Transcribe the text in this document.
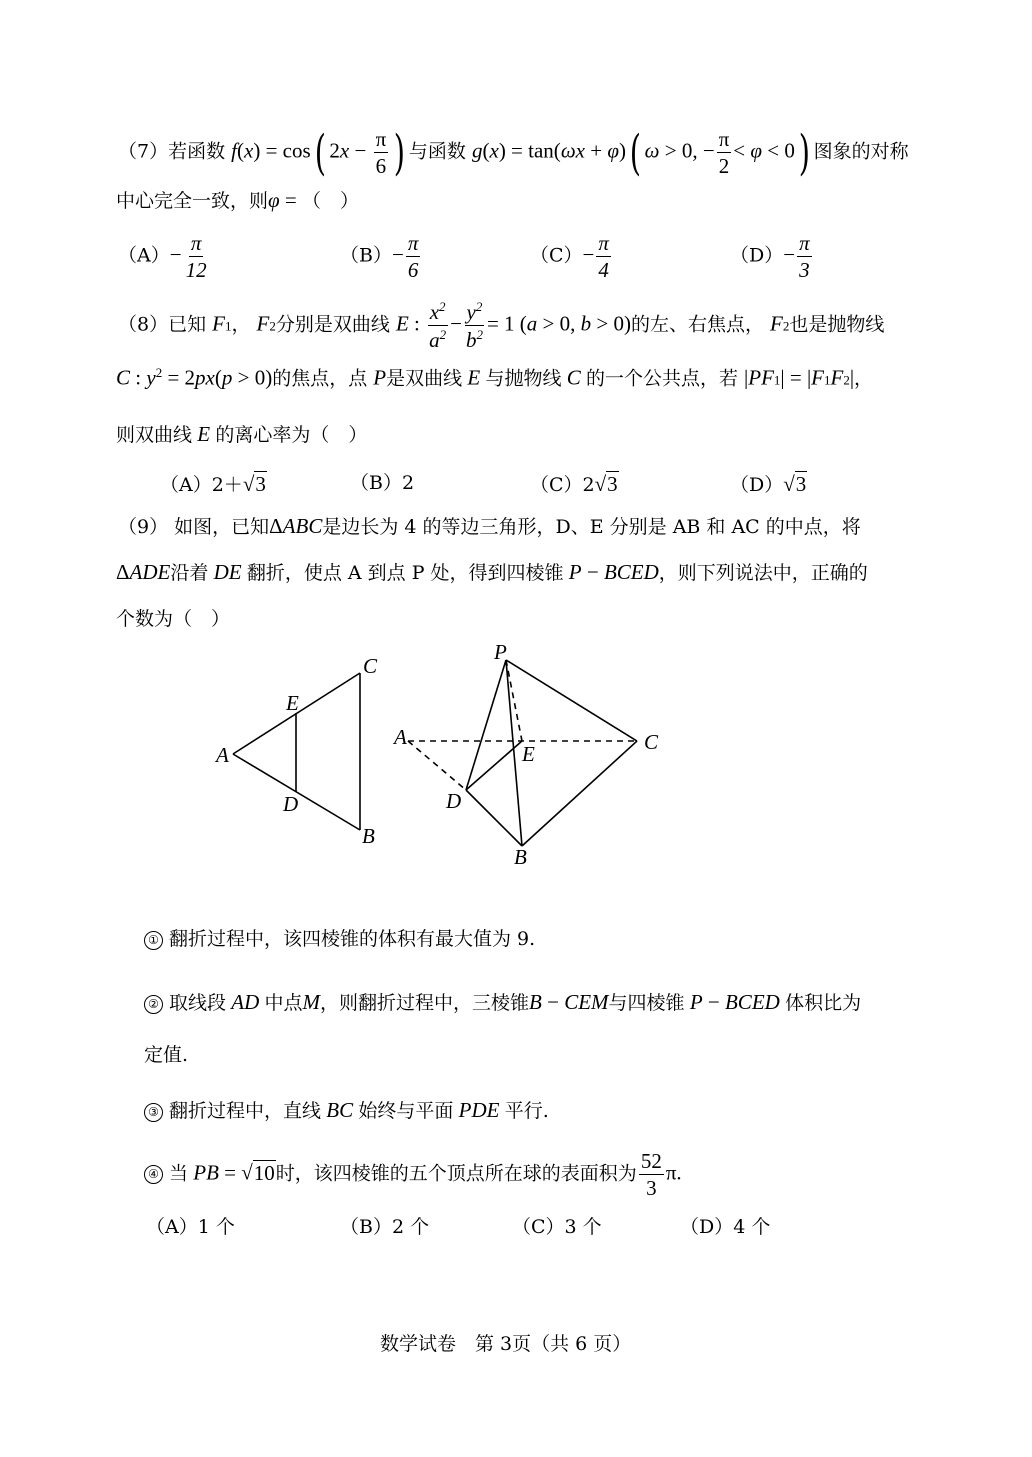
（7）若函数 f(x) = cos( $2x - \frac{\pi}{6}$ ) 与函数 g(x) = tan(ωx + φ)( ω > 0, − $\frac{\pi}{2} < \varphi < 0$) 图象的对称
中心完全一致，则φ = （　）
$(A)- \frac{\pi}{12}$	$(B)- \frac{\pi}{6}$	$(C)- \frac{\pi}{4}$	$(D)- \frac{\pi}{3}$
（8）已知 F1， F2分别是双曲线 E : $\frac{x^2}{a^2} - \frac{y^2}{b^2} = 1$ (a > 0, b > 0)的左、右焦点， F2也是抛物线
C : $y^2 = 2px(p > 0)$的焦点，点 P是双曲线 E 与抛物线 C 的一个公共点，若 |PF1| = |F1F2|，
则双曲线 E 的离心率为（　）
（A）2＋√3	（B）2	（C）2√3	（D）√3
（9） 如图，已知ΔABC是边长为 4 的等边三角形，D、E 分别是 AB 和 AC 的中点，将
ΔADE沿着 DE 翻折，使点 A 到点 P 处，得到四棱锥 P − BCED，则下列说法中，正确的
个数为（　）
C
E
A
D
B
P
A
E	C
D
B
① 翻折过程中，该四棱锥的体积有最大值为 9.
② 取线段 AD 中点M，则翻折过程中，三棱锥B − CEM与四棱锥 P − BCED 体积比为
定值.
③ 翻折过程中，直线 BC 始终与平面 PDE 平行.
④ 当 PB = √10时，该四棱锥的五个顶点所在球的表面积为 $\frac{52}{3} \pi$.
（A）1 个	（B）2 个	（C）3 个	（D）4 个
数学试卷　第 3页（共 6 页）
